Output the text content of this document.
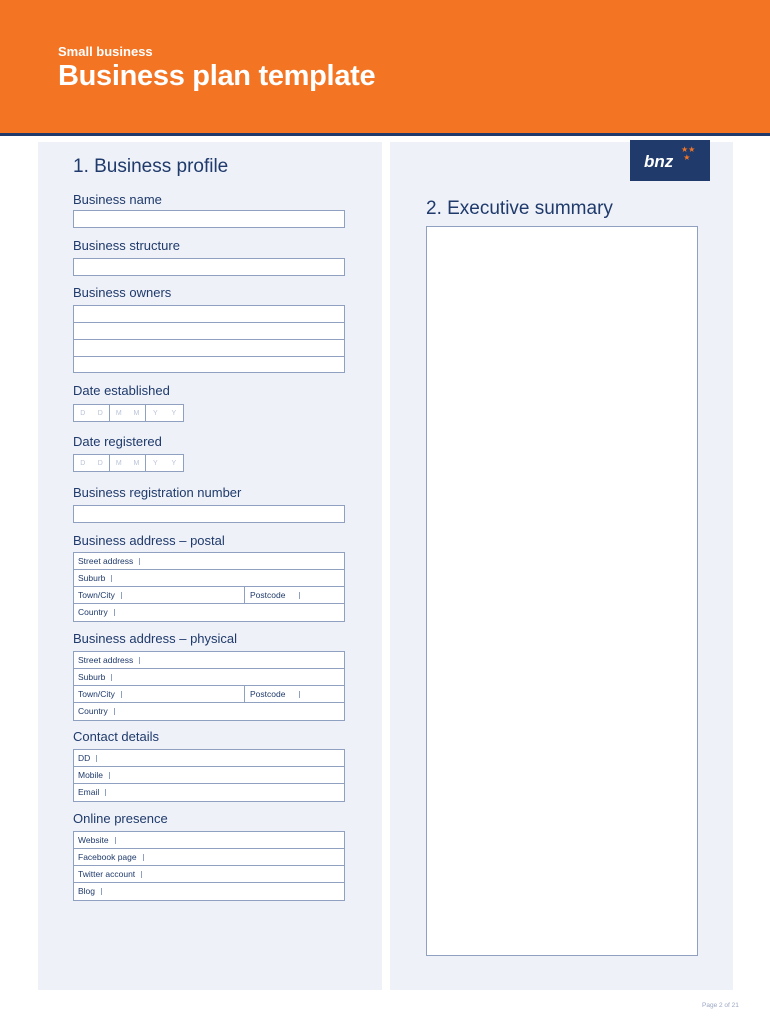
Small business
Business plan template
bnz
★★
★
1. Business profile
Business name
Business structure
Business owners
Date established
D D M M Y Y
Date registered
D D M M Y Y
Business registration number
Business address – postal
Street address
Suburb
Town/City	Postcode
Country
Business address – physical
Street address
Suburb
Town/City	Postcode
Country
Contact details
DD
Mobile
Email
Online presence
Website
Facebook page
Twitter account
Blog
2. Executive summary
Page 2 of 21
